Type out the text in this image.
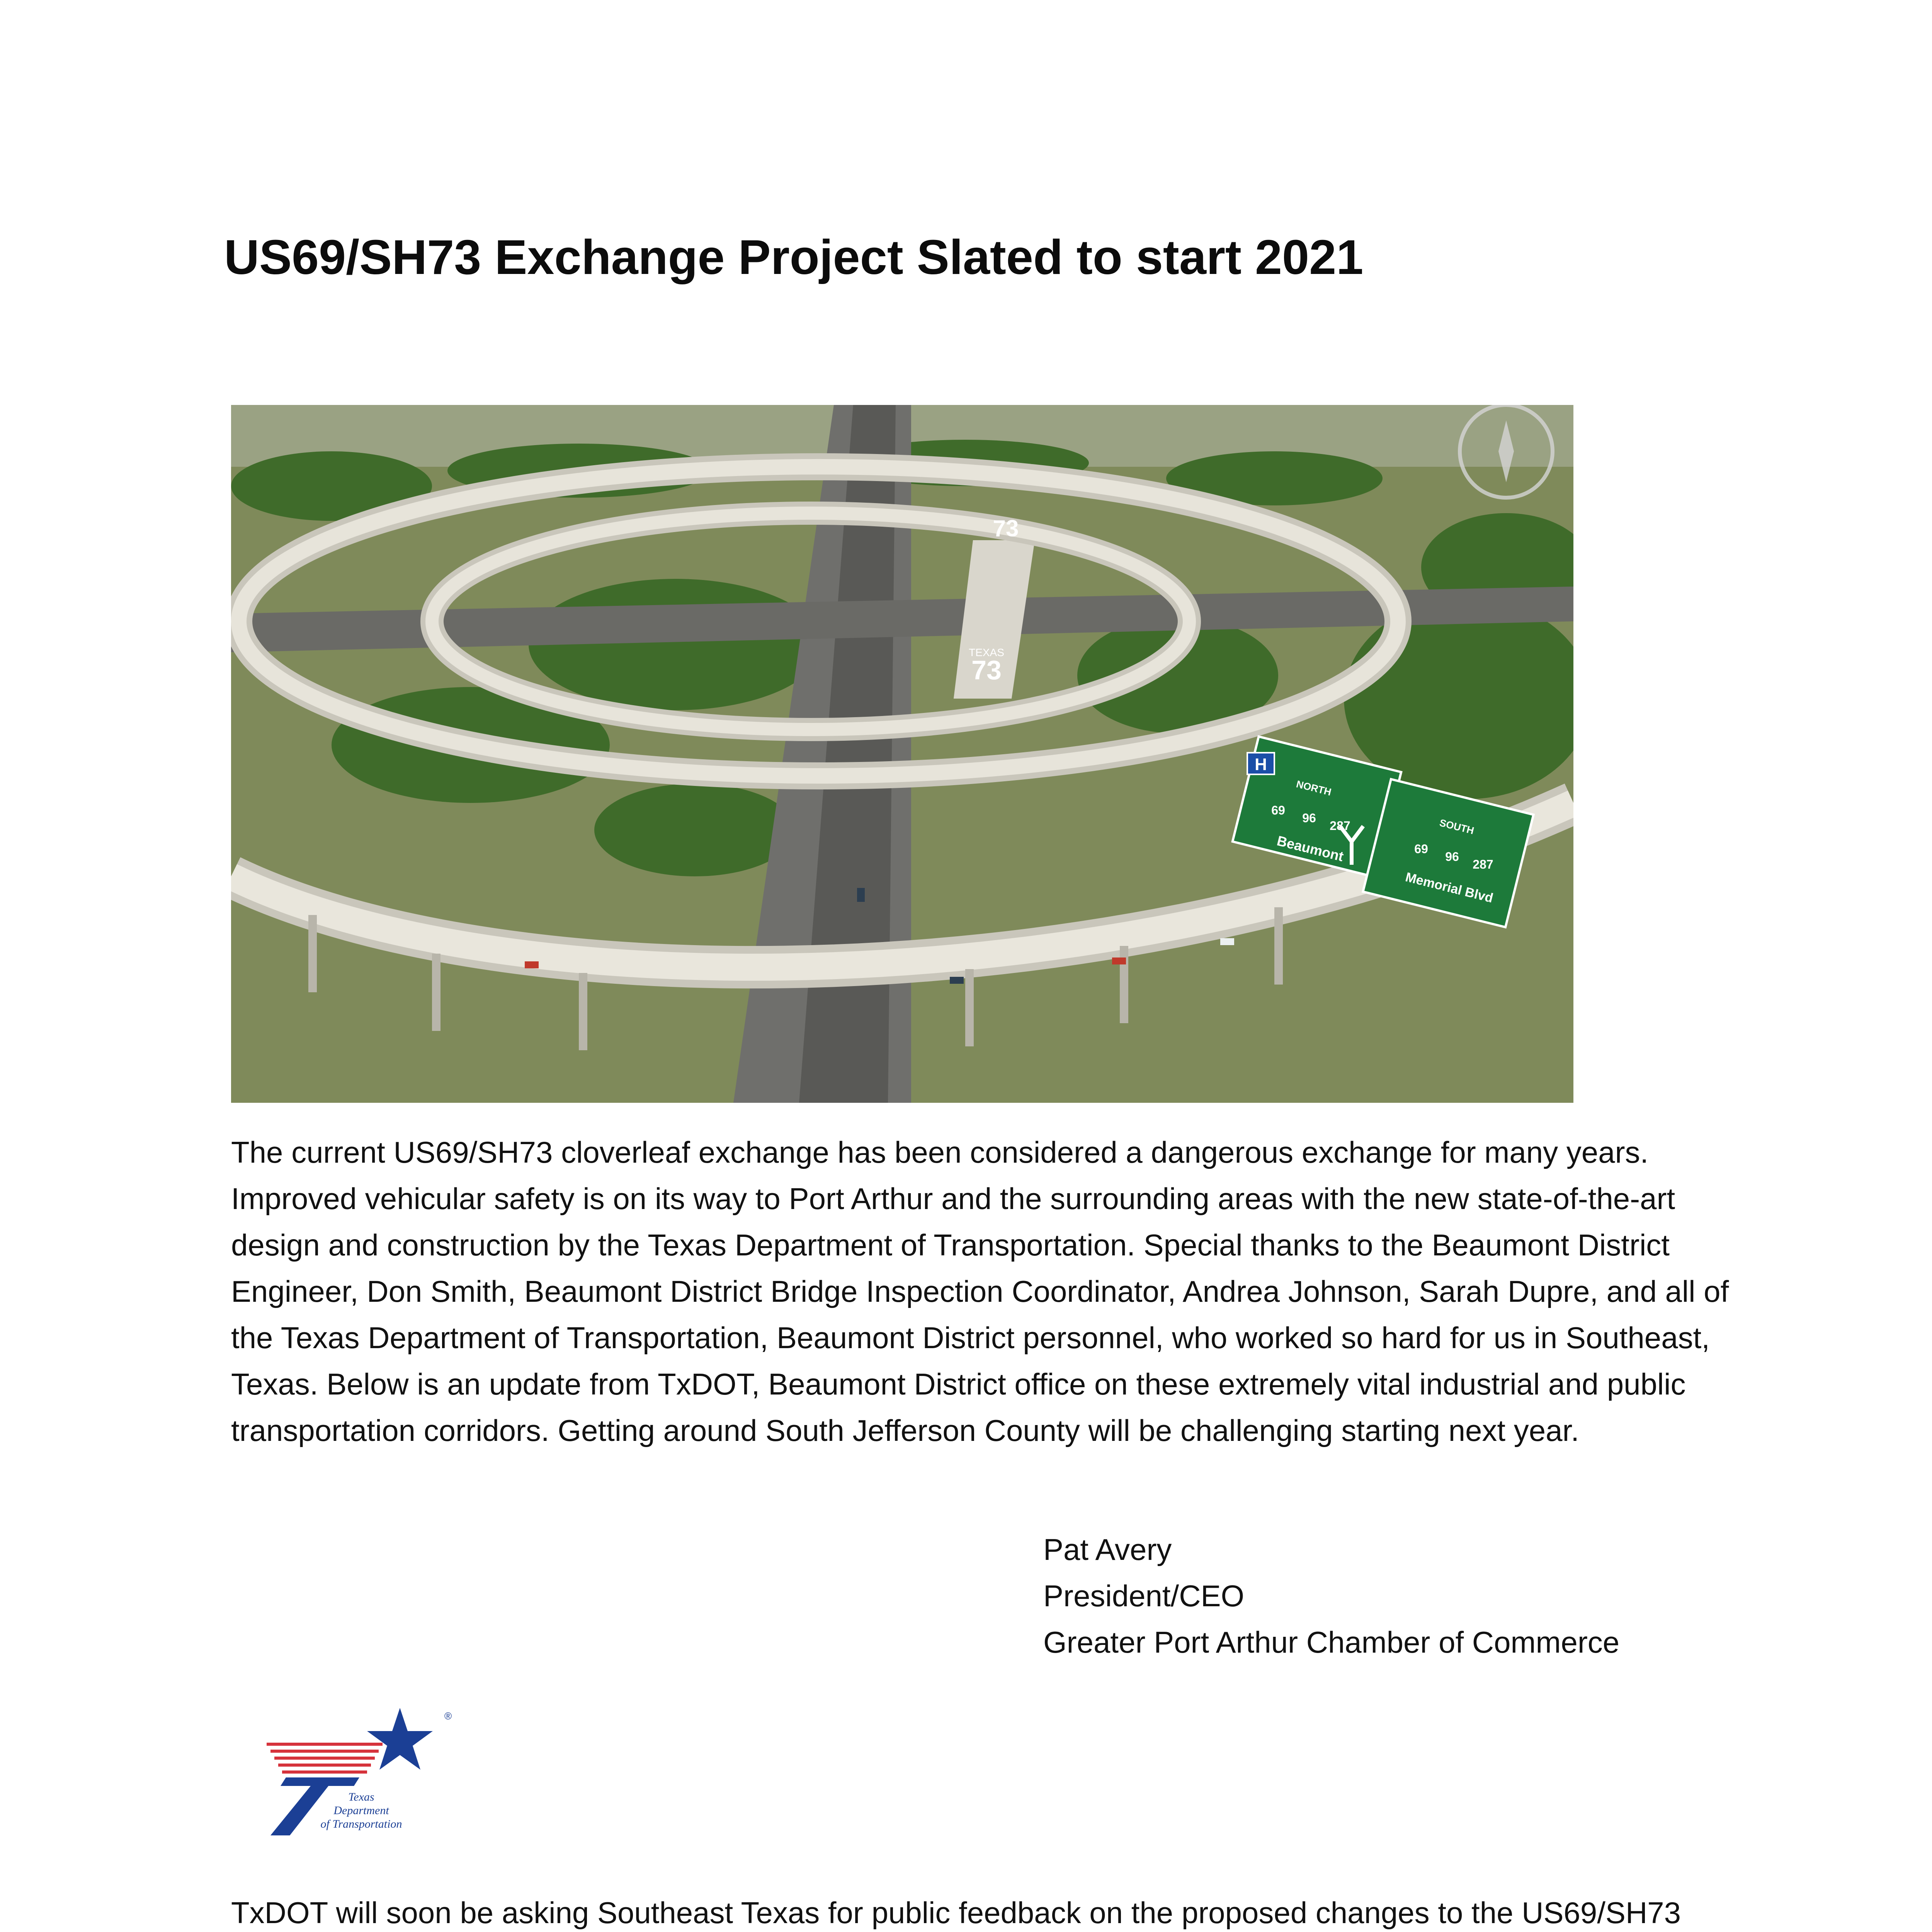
US69/SH73 Exchange Project Slated to start 2021
73
TEXAS
73
H
NORTH
69
96
287
Beaumont
SOUTH
69
96
287
Memorial Blvd

The current US69/SH73 cloverleaf exchange has been considered a dangerous exchange for many years. Improved vehicular safety is on its way to Port Arthur and the surrounding areas with the new state-of-the-art design and construction by the Texas Department of Transportation. Special thanks to the Beaumont District Engineer, Don Smith, Beaumont District Bridge Inspection Coordinator, Andrea Johnson, Sarah Dupre, and all of the Texas Department of Transportation, Beaumont District personnel, who worked so hard for us in Southeast, Texas. Below is an update from TxDOT, Beaumont District office on these extremely vital industrial and public transportation corridors. Getting around South Jefferson County will be challenging starting next year.

Pat Avery
President/CEO
Greater Port Arthur Chamber of Commerce
®
Texas
Department
of Transportation

TxDOT will soon be asking Southeast Texas for public feedback on the proposed changes to the US69/SH73
